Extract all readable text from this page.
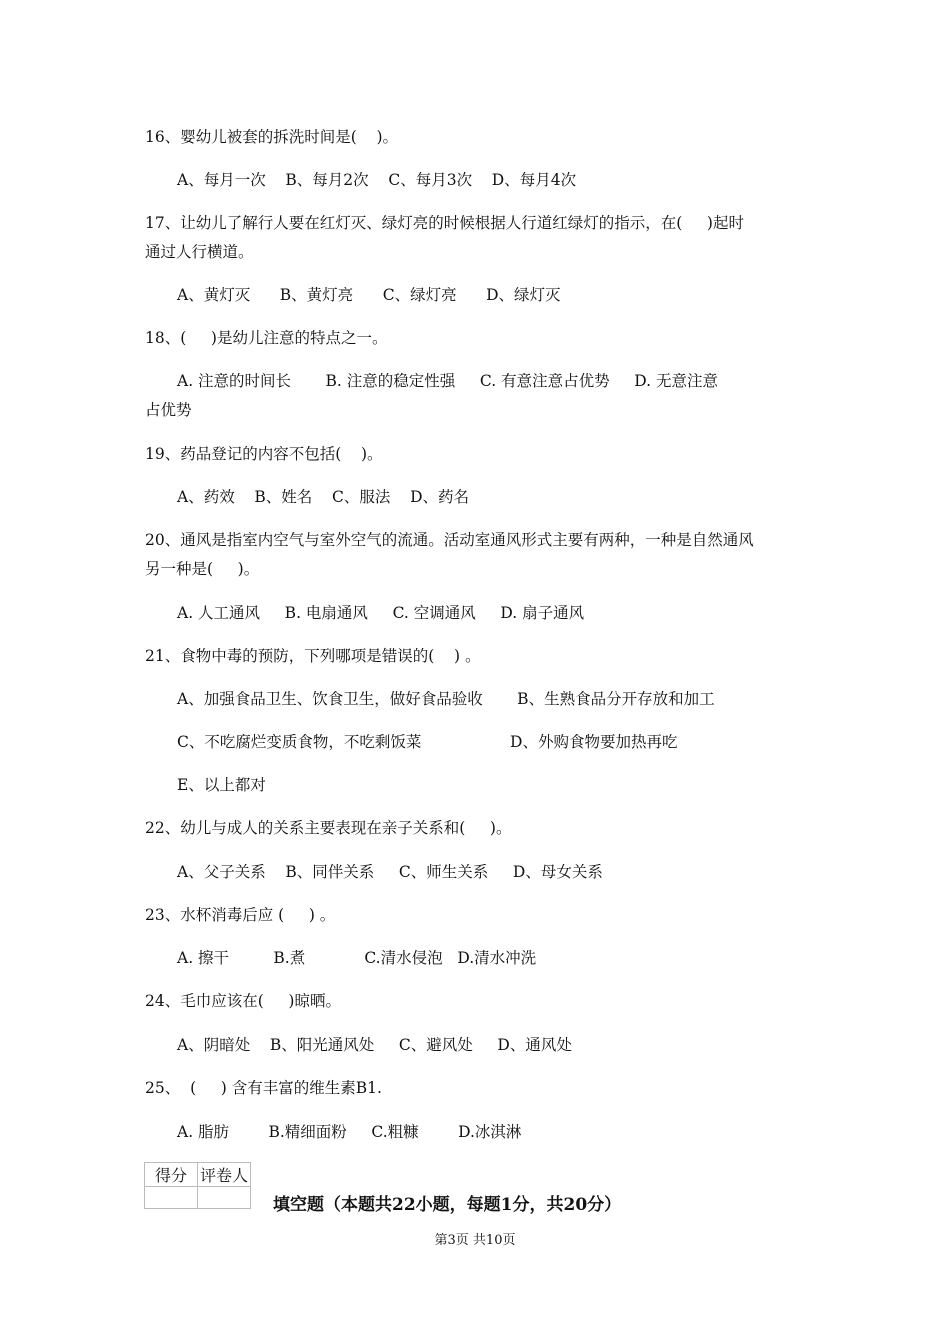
16、婴幼儿被套的拆洗时间是(    )。
A、每月一次    B、每月2次    C、每月3次    D、每月4次
17、让幼儿了解行人要在红灯灭、绿灯亮的时候根据人行道红绿灯的指示，在(     )起时
通过人行横道。
A、黄灯灭      B、黄灯亮      C、绿灯亮      D、绿灯灭
18、(     )是幼儿注意的特点之一。
A. 注意的时间长       B. 注意的稳定性强     C. 有意注意占优势     D. 无意注意
占优势
19、药品登记的内容不包括(    )。
A、药效    B、姓名    C、服法    D、药名
20、通风是指室内空气与室外空气的流通。活动室通风形式主要有两种，一种是自然通风
另一种是(     )。
A. 人工通风     B. 电扇通风     C. 空调通风     D. 扇子通风
21、食物中毒的预防，下列哪项是错误的(    ) 。
A、加强食品卫生、饮食卫生，做好食品验收       B、生熟食品分开存放和加工
C、不吃腐烂变质食物，不吃剩饭菜                  D、外购食物要加热再吃
E、以上都对
22、幼儿与成人的关系主要表现在亲子关系和(     )。
A、父子关系    B、同伴关系     C、师生关系     D、母女关系
23、水杯消毒后应 (     ) 。
A. 擦干         B.煮            C.清水侵泡   D.清水冲洗
24、毛巾应该在(     )晾晒。
A、阴暗处    B、阳光通风处     C、避风处     D、通风处
25、  (     ) 含有丰富的维生素B1.
A. 脂肪        B.精细面粉     C.粗糠        D.冰淇淋
得分	评卷人

填空题（本题共22小题，每题1分，共20分）
第3页 共10页
